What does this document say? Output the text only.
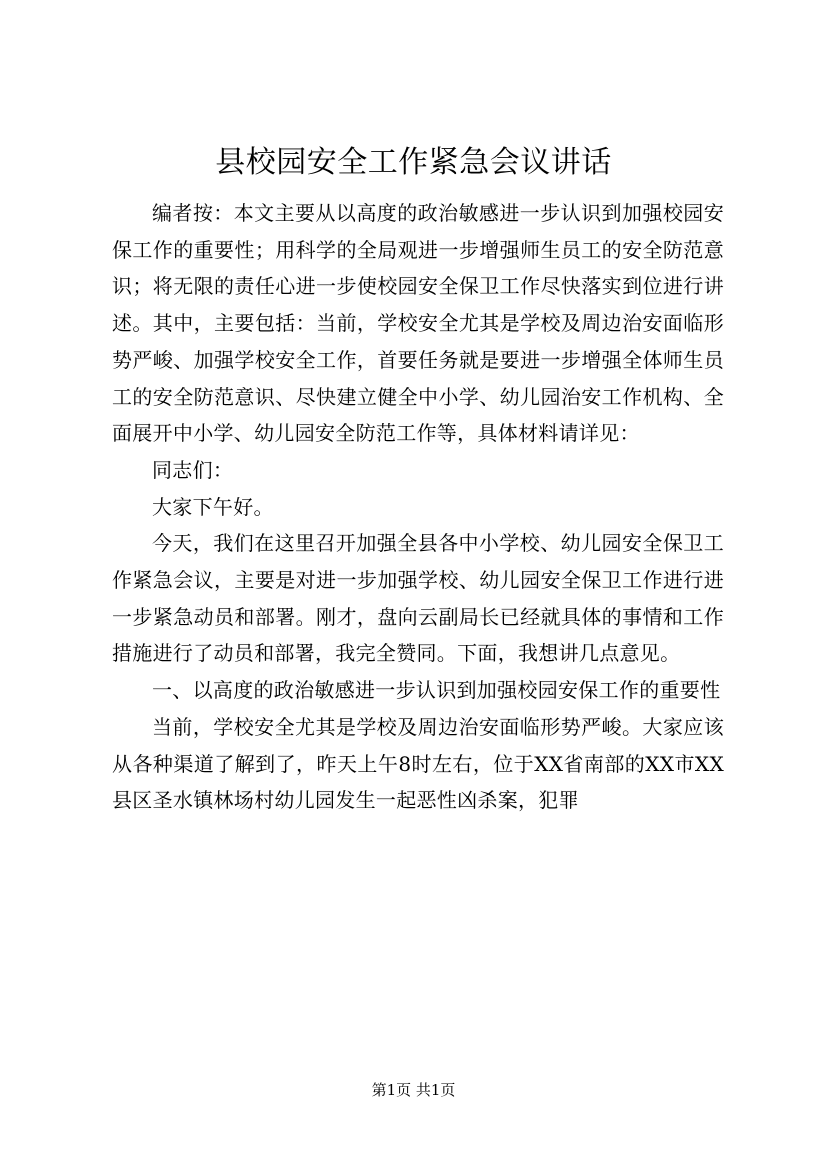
县校园安全工作紧急会议讲话

编者按：本文主要从以高度的政治敏感进一步认识到加强校园安保工作的重要性；用科学的全局观进一步增强师生员工的安全防范意识；将无限的责任心进一步使校园安全保卫工作尽快落实到位进行讲述。其中，主要包括：当前，学校安全尤其是学校及周边治安面临形势严峻、加强学校安全工作，首要任务就是要进一步增强全体师生员工的安全防范意识、尽快建立健全中小学、幼儿园治安工作机构、全面展开中小学、幼儿园安全防范工作等，具体材料请详见：

同志们：

大家下午好。

今天，我们在这里召开加强全县各中小学校、幼儿园安全保卫工作紧急会议，主要是对进一步加强学校、幼儿园安全保卫工作进行进一步紧急动员和部署。刚才，盘向云副局长已经就具体的事情和工作措施进行了动员和部署，我完全赞同。下面，我想讲几点意见。

一、以高度的政治敏感进一步认识到加强校园安保工作的重要性

当前，学校安全尤其是学校及周边治安面临形势严峻。大家应该从各种渠道了解到了，昨天上午8时左右，位于XX省南部的XX市XX县区圣水镇林场村幼儿园发生一起恶性凶杀案，犯罪

第1页 共1页
